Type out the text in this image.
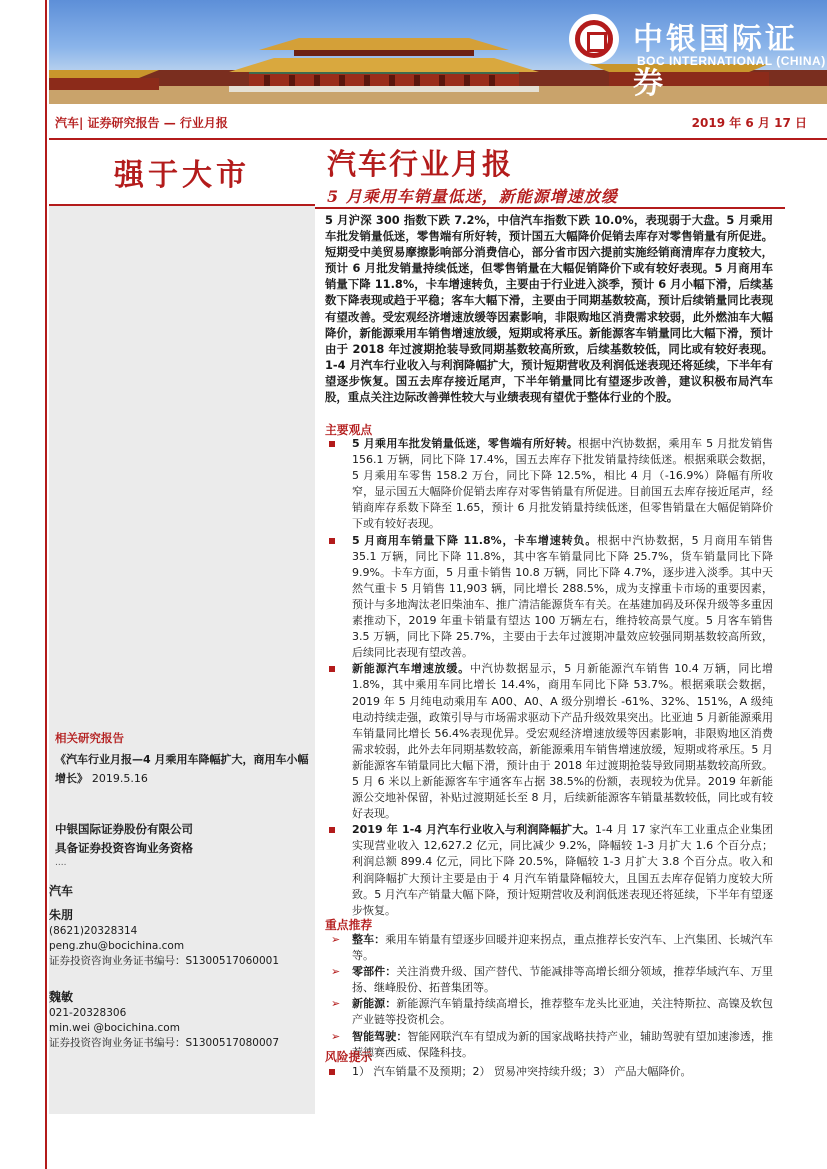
中银国际证券
BOC INTERNATIONAL (CHINA)
汽车| 证券研究报告 — 行业月报	2019 年 6 月 17 日
强于大市
相关研究报告
《汽车行业月报—4 月乘用车降幅扩大，商用车小幅增长》 2019.5.16
中银国际证券股份有限公司
具备证券投资咨询业务资格
....
汽车
朱朋
(8621)20328314
peng.zhu@bocichina.com
证券投资咨询业务证书编号：S1300517060001
魏敏
021-20328306
min.wei @bocichina.com
证券投资咨询业务证书编号：S1300517080007
汽车行业月报
5 月乘用车销量低迷，新能源增速放缓
5 月沪深 300 指数下跌 7.2%，中信汽车指数下跌 10.0%，表现弱于大盘。5 月乘用车批发销量低迷，零售端有所好转，预计国五大幅降价促销去库存对零售销量有所促进。短期受中美贸易摩擦影响部分消费信心，部分省市因六提前实施经销商清库存力度较大，预计 6 月批发销量持续低迷，但零售销量在大幅促销降价下或有较好表现。5 月商用车销量下降 11.8%，卡车增速转负，主要由于行业进入淡季，预计 6 月小幅下滑，后续基数下降表现或趋于平稳；客车大幅下滑，主要由于同期基数较高，预计后续销量同比表现有望改善。受宏观经济增速放缓等因素影响，非限购地区消费需求较弱，此外燃油车大幅降价，新能源乘用车销售增速放缓，短期或将承压。新能源客车销量同比大幅下滑，预计由于 2018 年过渡期抢装导致同期基数较高所致，后续基数较低，同比或有较好表现。1-4 月汽车行业收入与利润降幅扩大，预计短期营收及利润低迷表现还将延续，下半年有望逐步恢复。国五去库存接近尾声，下半年销量同比有望逐步改善，建议积极布局汽车股，重点关注边际改善弹性较大与业绩表现有望优于整体行业的个股。
主要观点
5 月乘用车批发销量低迷，零售端有所好转。根据中汽协数据，乘用车 5 月批发销售 156.1 万辆，同比下降 17.4%，国五去库存下批发销量持续低迷。根据乘联会数据，5 月乘用车零售 158.2 万台，同比下降 12.5%，相比 4 月（-16.9%）降幅有所收窄，显示国五大幅降价促销去库存对零售销量有所促进。目前国五去库存接近尾声，经销商库存系数下降至 1.65，预计 6 月批发销量持续低迷，但零售销量在大幅促销降价下或有较好表现。
5 月商用车销量下降 11.8%，卡车增速转负。根据中汽协数据，5 月商用车销售 35.1 万辆，同比下降 11.8%，其中客车销量同比下降 25.7%，货车销量同比下降 9.9%。卡车方面，5 月重卡销售 10.8 万辆，同比下降 4.7%，逐步进入淡季。其中天然气重卡 5 月销售 11,903 辆，同比增长 288.5%，成为支撑重卡市场的重要因素，预计与多地淘汰老旧柴油车、推广清洁能源货车有关。在基建加码及环保升级等多重因素推动下，2019 年重卡销量有望达 100 万辆左右，维持较高景气度。5 月客车销售 3.5 万辆，同比下降 25.7%，主要由于去年过渡期冲量效应较强同期基数较高所致，后续同比表现有望改善。
新能源汽车增速放缓。中汽协数据显示，5 月新能源汽车销售 10.4 万辆，同比增 1.8%，其中乘用车同比增长 14.4%，商用车同比下降 53.7%。根据乘联会数据，2019 年 5 月纯电动乘用车 A00、A0、A 级分别增长 -61%、32%、151%，A 级纯电动持续走强，政策引导与市场需求驱动下产品升级效果突出。比亚迪 5 月新能源乘用车销量同比增长 56.4%表现优异。受宏观经济增速放缓等因素影响，非限购地区消费需求较弱，此外去年同期基数较高，新能源乘用车销售增速放缓，短期或将承压。5 月新能源客车销量同比大幅下滑，预计由于 2018 年过渡期抢装导致同期基数较高所致。5 月 6 米以上新能源客车宇通客车占据 38.5%的份额，表现较为优异。2019 年新能源公交地补保留，补贴过渡期延长至 8 月，后续新能源客车销量基数较低，同比或有较好表现。
2019 年 1-4 月汽车行业收入与利润降幅扩大。1-4 月 17 家汽车工业重点企业集团实现营业收入 12,627.2 亿元，同比减少 9.2%，降幅较 1-3 月扩大 1.6 个百分点；利润总额 899.4 亿元，同比下降 20.5%，降幅较 1-3 月扩大 3.8 个百分点。收入和利润降幅扩大预计主要是由于 4 月汽车销量降幅较大，且国五去库存促销力度较大所致。5 月汽车产销量大幅下降，预计短期营收及利润低迷表现还将延续，下半年有望逐步恢复。
重点推荐
➢ 整车：乘用车销量有望逐步回暖并迎来拐点，重点推荐长安汽车、上汽集团、长城汽车等。
➢ 零部件：关注消费升级、国产替代、节能减排等高增长细分领域，推荐华域汽车、万里扬、继峰股份、拓普集团等。
➢ 新能源：新能源汽车销量持续高增长，推荐整车龙头比亚迪，关注特斯拉、高镍及软包产业链等投资机会。
➢ 智能驾驶：智能网联汽车有望成为新的国家战略扶持产业，辅助驾驶有望加速渗透，推荐德赛西威、保隆科技。
风险提示
1） 汽车销量不及预期；2） 贸易冲突持续升级；3） 产品大幅降价。
